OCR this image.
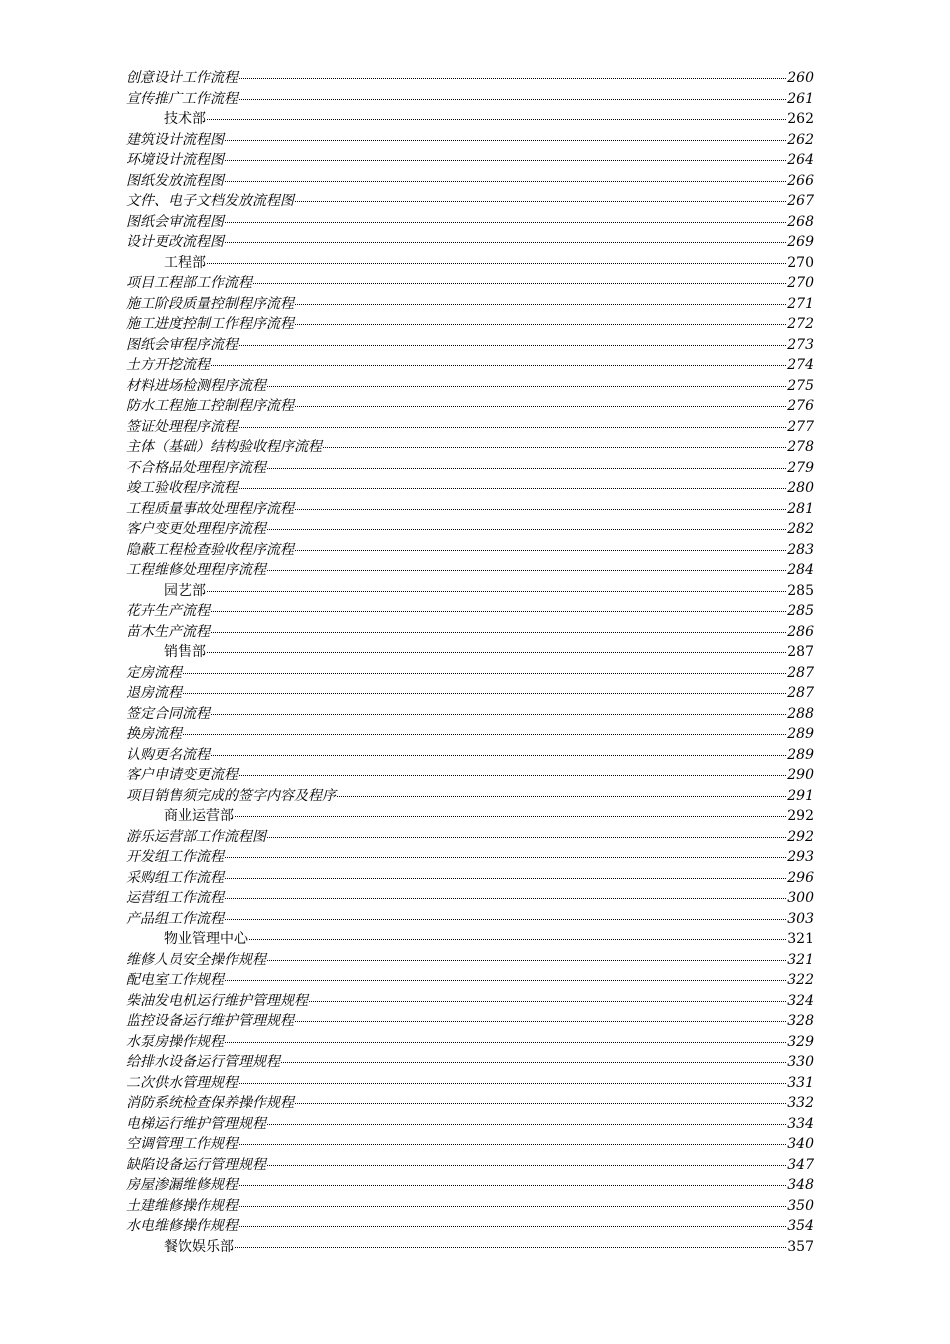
创意设计工作流程	260
宣传推广工作流程	261
技术部	262
建筑设计流程图	262
环境设计流程图	264
图纸发放流程图	266
文件、电子文档发放流程图	267
图纸会审流程图	268
设计更改流程图	269
工程部	270
项目工程部工作流程	270
施工阶段质量控制程序流程	271
施工进度控制工作程序流程	272
图纸会审程序流程	273
土方开挖流程	274
材料进场检测程序流程	275
防水工程施工控制程序流程	276
签证处理程序流程	277
主体（基础）结构验收程序流程	278
不合格品处理程序流程	279
竣工验收程序流程	280
工程质量事故处理程序流程	281
客户变更处理程序流程	282
隐蔽工程检查验收程序流程	283
工程维修处理程序流程	284
园艺部	285
花卉生产流程	285
苗木生产流程	286
销售部	287
定房流程	287
退房流程	287
签定合同流程	288
换房流程	289
认购更名流程	289
客户申请变更流程	290
项目销售须完成的签字内容及程序	291
商业运营部	292
游乐运营部工作流程图	292
开发组工作流程	293
采购组工作流程	296
运营组工作流程	300
产品组工作流程	303
物业管理中心	321
维修人员安全操作规程	321
配电室工作规程	322
柴油发电机运行维护管理规程	324
监控设备运行维护管理规程	328
水泵房操作规程	329
给排水设备运行管理规程	330
二次供水管理规程	331
消防系统检查保养操作规程	332
电梯运行维护管理规程	334
空调管理工作规程	340
缺陷设备运行管理规程	347
房屋渗漏维修规程	348
土建维修操作规程	350
水电维修操作规程	354
餐饮娱乐部	357
